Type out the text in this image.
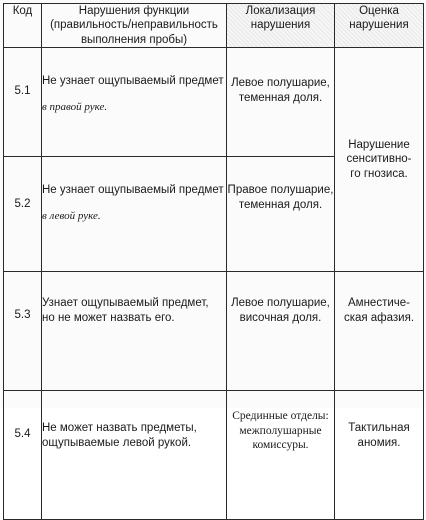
Код	Нарушения функции
(правильность/неправильность
выполнения пробы)	Локализация
нарушения	Оценка
нарушения

5.1	Не узнает ощупываемый предмет
в правой руке.	Левое полушарие,
теменная доля.	Нарушение
сенситивно-
го гнозиса.

5.2	Не узнает ощупываемый предмет
в левой руке.	Правое полушарие,
теменная доля.	

5.3	Узнает ощупываемый предмет,
но не может назвать его.	Левое полушарие,
височная доля.	Амнестиче-
ская афазия.

5.4	Не может назвать предметы,
ощупываемые левой рукой.	Срединные отделы:
межполушарные
комиссуры.	Тактильная
аномия.
